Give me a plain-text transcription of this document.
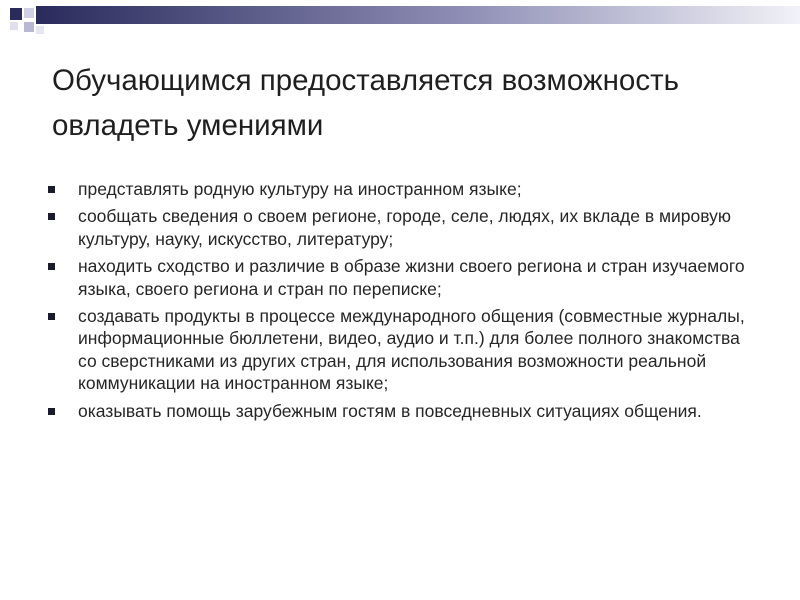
Обучающимся предоставляется возможность овладеть умениями
представлять родную культуру на иностранном языке;
сообщать сведения о своем регионе, городе, селе, людях, их вкладе в мировую культуру, науку, искусство, литературу;
находить сходство и различие в образе жизни своего региона и стран изучаемого языка, своего региона и стран по переписке;
создавать продукты в процессе международного общения (совместные журналы, информационные бюллетени, видео, аудио и т.п.) для более полного знакомства со сверстниками из других стран, для использования возможности реальной коммуникации на иностранном языке;
оказывать помощь зарубежным гостям в повседневных ситуациях общения.
